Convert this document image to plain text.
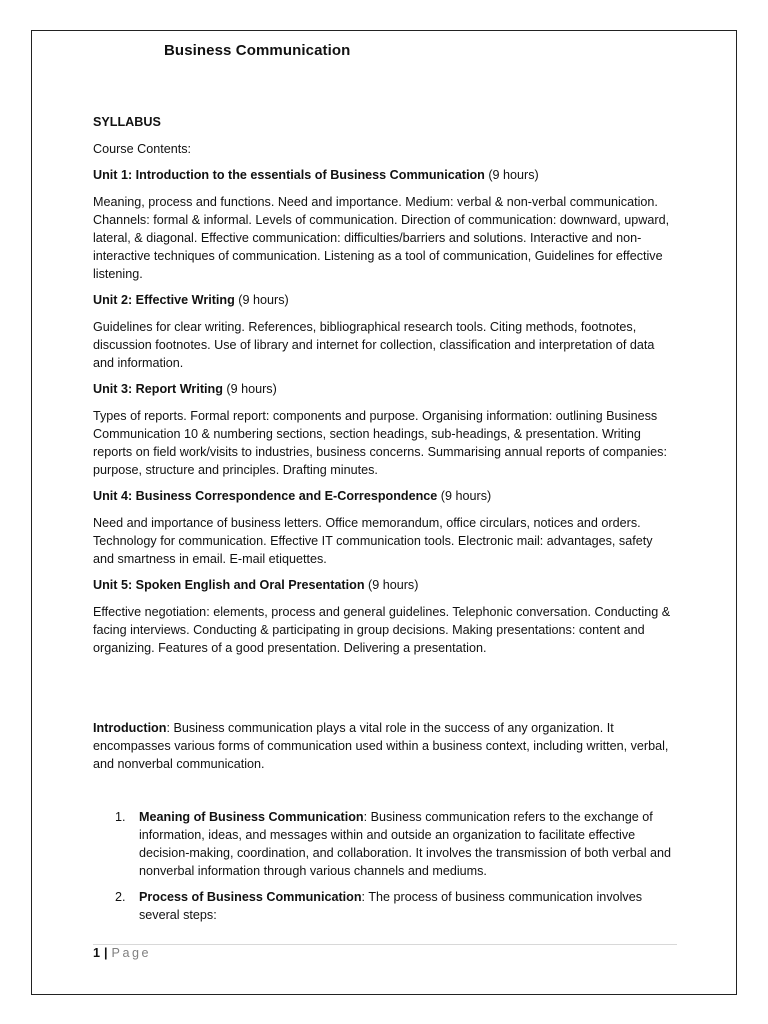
Business Communication

SYLLABUS

Course Contents:

Unit 1: Introduction to the essentials of Business Communication (9 hours)

Meaning, process and functions. Need and importance. Medium: verbal & non-verbal communication. Channels: formal & informal. Levels of communication. Direction of communication: downward, upward, lateral, & diagonal. Effective communication: difficulties/barriers and solutions. Interactive and non-interactive techniques of communication. Listening as a tool of communication, Guidelines for effective listening.

Unit 2: Effective Writing (9 hours)

Guidelines for clear writing. References, bibliographical research tools. Citing methods, footnotes, discussion footnotes. Use of library and internet for collection, classification and interpretation of data and information.

Unit 3: Report Writing (9 hours)

Types of reports. Formal report: components and purpose. Organising information: outlining Business Communication 10 & numbering sections, section headings, sub-headings, & presentation. Writing reports on field work/visits to industries, business concerns. Summarising annual reports of companies: purpose, structure and principles. Drafting minutes.

Unit 4: Business Correspondence and E-Correspondence (9 hours)

Need and importance of business letters. Office memorandum, office circulars, notices and orders. Technology for communication. Effective IT communication tools. Electronic mail: advantages, safety and smartness in email. E-mail etiquettes.

Unit 5: Spoken English and Oral Presentation (9 hours)

Effective negotiation: elements, process and general guidelines. Telephonic conversation. Conducting & facing interviews. Conducting & participating in group decisions. Making presentations: content and organizing. Features of a good presentation. Delivering a presentation.

Introduction: Business communication plays a vital role in the success of any organization. It encompasses various forms of communication used within a business context, including written, verbal, and nonverbal communication.

1. Meaning of Business Communication: Business communication refers to the exchange of information, ideas, and messages within and outside an organization to facilitate effective decision-making, coordination, and collaboration. It involves the transmission of both verbal and nonverbal information through various channels and mediums.
2. Process of Business Communication: The process of business communication involves several steps:
1 | Page
